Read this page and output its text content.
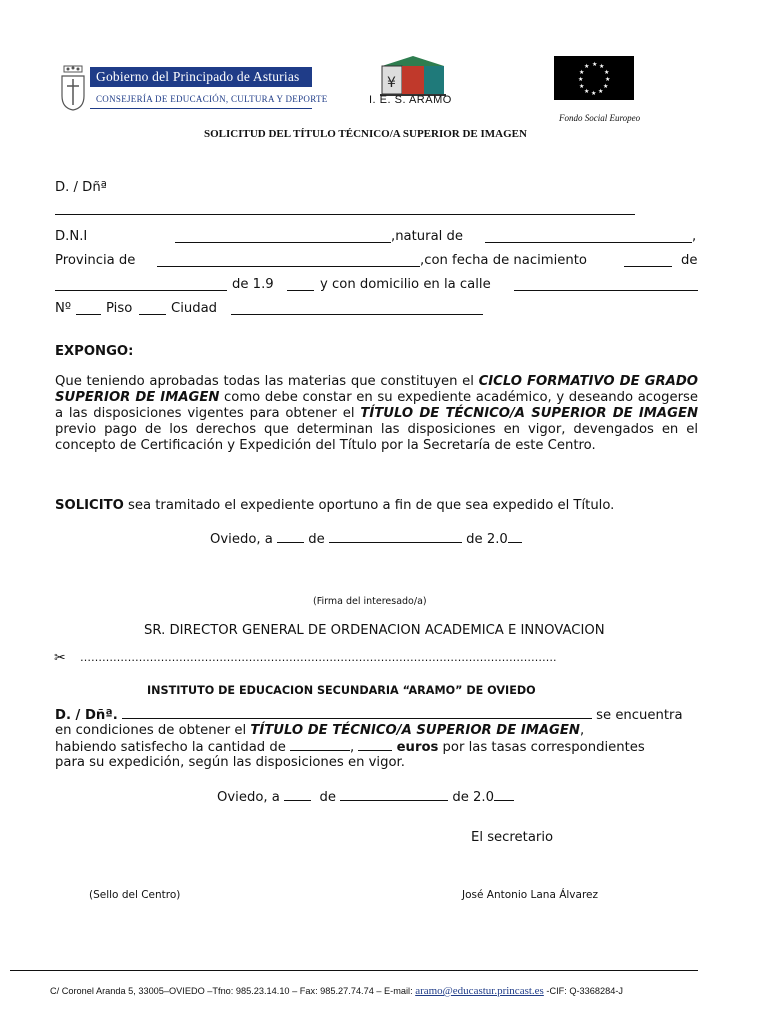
Gobierno del Principado de Asturias
CONSEJERÍA DE EDUCACIÓN, CULTURA Y DEPORTE
¥
I. E. S. ARAMO
★ ★
★
★
★
★
★
★
★
★
★
★
Fondo Social Europeo
SOLICITUD DEL TÍTULO TÉCNICO/A SUPERIOR DE IMAGEN
D. / Dñª
D.N.I	,natural de	,
Provincia de	,con fecha de nacimiento	de
de 1.9	y con domicilio en la calle
Nº	Piso	Ciudad
EXPONGO:
Que teniendo aprobadas todas las materias que constituyen el CICLO FORMATIVO DE GRADO SUPERIOR DE IMAGEN como debe constar en su expediente académico, y deseando acogerse a las disposiciones vigentes para obtener el TÍTULO DE TÉCNICO/A SUPERIOR DE IMAGEN previo pago de los derechos que determinan las disposiciones en vigor, devengados en el concepto de Certificación y Expedición del Título por la Secretaría de este Centro.
SOLICITO sea tramitado el expediente oportuno a fin de que sea expedido el Título.
Oviedo, a	de	de 2.0
(Firma del interesado/a)
SR. DIRECTOR GENERAL DE ORDENACION ACADEMICA E INNOVACION
✂ ………………………………………………………………………………………………………………….
INSTITUTO DE EDUCACION SECUNDARIA “ARAMO” DE OVIEDO
D. / Dñª.	se encuentra
en condiciones de obtener el TÍTULO DE TÉCNICO/A SUPERIOR DE IMAGEN,
habiendo satisfecho la cantidad de	,	euros por las tasas correspondientes
para su expedición, según las disposiciones en vigor.
Oviedo, a	de	de 2.0
El secretario
(Sello del Centro)	José Antonio Lana Álvarez
C/ Coronel Aranda 5, 33005–OVIEDO –Tfno: 985.23.14.10 – Fax: 985.27.74.74 – E-mail: aramo@educastur.princast.es -CIF: Q-3368284-J
